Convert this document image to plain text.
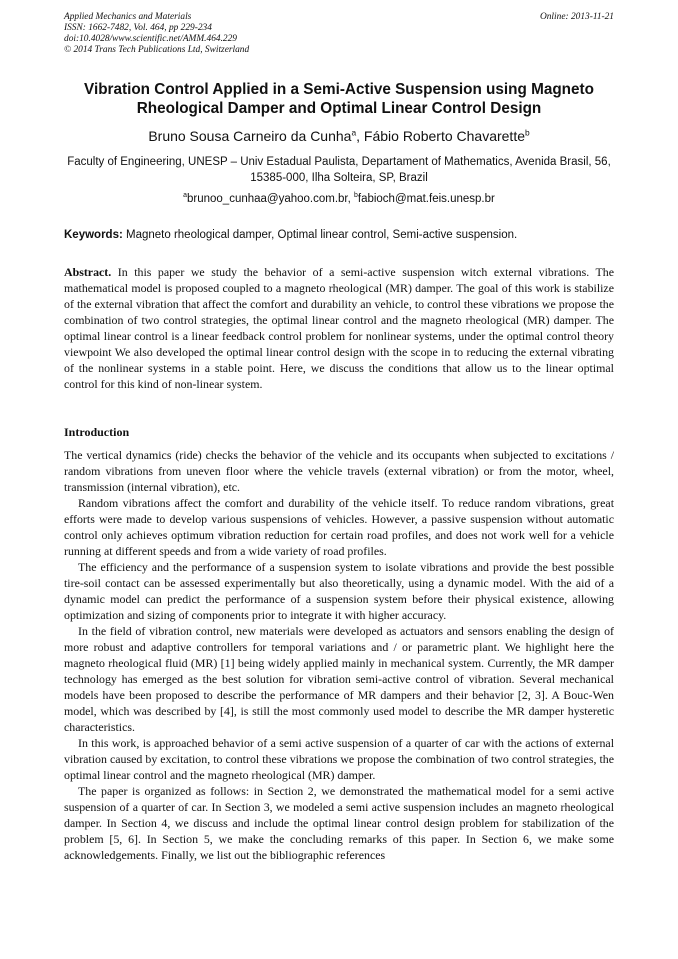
Applied Mechanics and Materials
ISSN: 1662-7482, Vol. 464, pp 229-234
doi:10.4028/www.scientific.net/AMM.464.229
© 2014 Trans Tech Publications Ltd, Switzerland
Online: 2013-11-21
Vibration Control Applied in a Semi-Active Suspension using Magneto Rheological Damper and Optimal Linear Control Design
Bruno Sousa Carneiro da Cunha$^a$, Fábio Roberto Chavarette$^b$
Faculty of Engineering, UNESP – Univ Estadual Paulista, Departament of Mathematics, Avenida Brasil, 56, 15385-000, Ilha Solteira, SP, Brazil
$^a$brunoo_cunhaa@yahoo.com.br, $^b$fabioch@mat.feis.unesp.br
Keywords: Magneto rheological damper, Optimal linear control, Semi-active suspension.
Abstract. In this paper we study the behavior of a semi-active suspension witch external vibrations. The mathematical model is proposed coupled to a magneto rheological (MR) damper. The goal of this work is stabilize of the external vibration that affect the comfort and durability an vehicle, to control these vibrations we propose the combination of two control strategies, the optimal linear control and the magneto rheological (MR) damper. The optimal linear control is a linear feedback control problem for nonlinear systems, under the optimal control theory viewpoint We also developed the optimal linear control design with the scope in to reducing the external vibrating of the nonlinear systems in a stable point. Here, we discuss the conditions that allow us to the linear optimal control for this kind of non-linear system.
Introduction

The vertical dynamics (ride) checks the behavior of the vehicle and its occupants when subjected to excitations / random vibrations from uneven floor where the vehicle travels (external vibration) or from the motor, wheel, transmission (internal vibration), etc.

Random vibrations affect the comfort and durability of the vehicle itself. To reduce random vibrations, great efforts were made to develop various suspensions of vehicles. However, a passive suspension without automatic control only achieves optimum vibration reduction for certain road profiles, and does not work well for a vehicle running at different speeds and from a wide variety of road profiles.

The efficiency and the performance of a suspension system to isolate vibrations and provide the best possible tire-soil contact can be assessed experimentally but also theoretically, using a dynamic model. With the aid of a dynamic model can predict the performance of a suspension system before their physical existence, allowing optimization and sizing of components prior to integrate it with higher accuracy.

In the field of vibration control, new materials were developed as actuators and sensors enabling the design of more robust and adaptive controllers for temporal variations and / or parametric plant. We highlight here the magneto rheological fluid (MR) [1] being widely applied mainly in mechanical system. Currently, the MR damper technology has emerged as the best solution for vibration semi-active control of vibration. Several mechanical models have been proposed to describe the performance of MR dampers and their behavior [2, 3]. A Bouc-Wen model, which was described by [4], is still the most commonly used model to describe the MR damper hysteretic characteristics.

In this work, is approached behavior of a semi active suspension of a quarter of car with the actions of external vibration caused by excitation, to control these vibrations we propose the combination of two control strategies, the optimal linear control and the magneto rheological (MR) damper.

The paper is organized as follows: in Section 2, we demonstrated the mathematical model for a semi active suspension of a quarter of car. In Section 3, we modeled a semi active suspension includes an magneto rheological damper. In Section 4, we discuss and include the optimal linear control design problem for stabilization of the problem [5, 6]. In Section 5, we make the concluding remarks of this paper. In Section 6, we make some acknowledgements. Finally, we list out the bibliographic references
